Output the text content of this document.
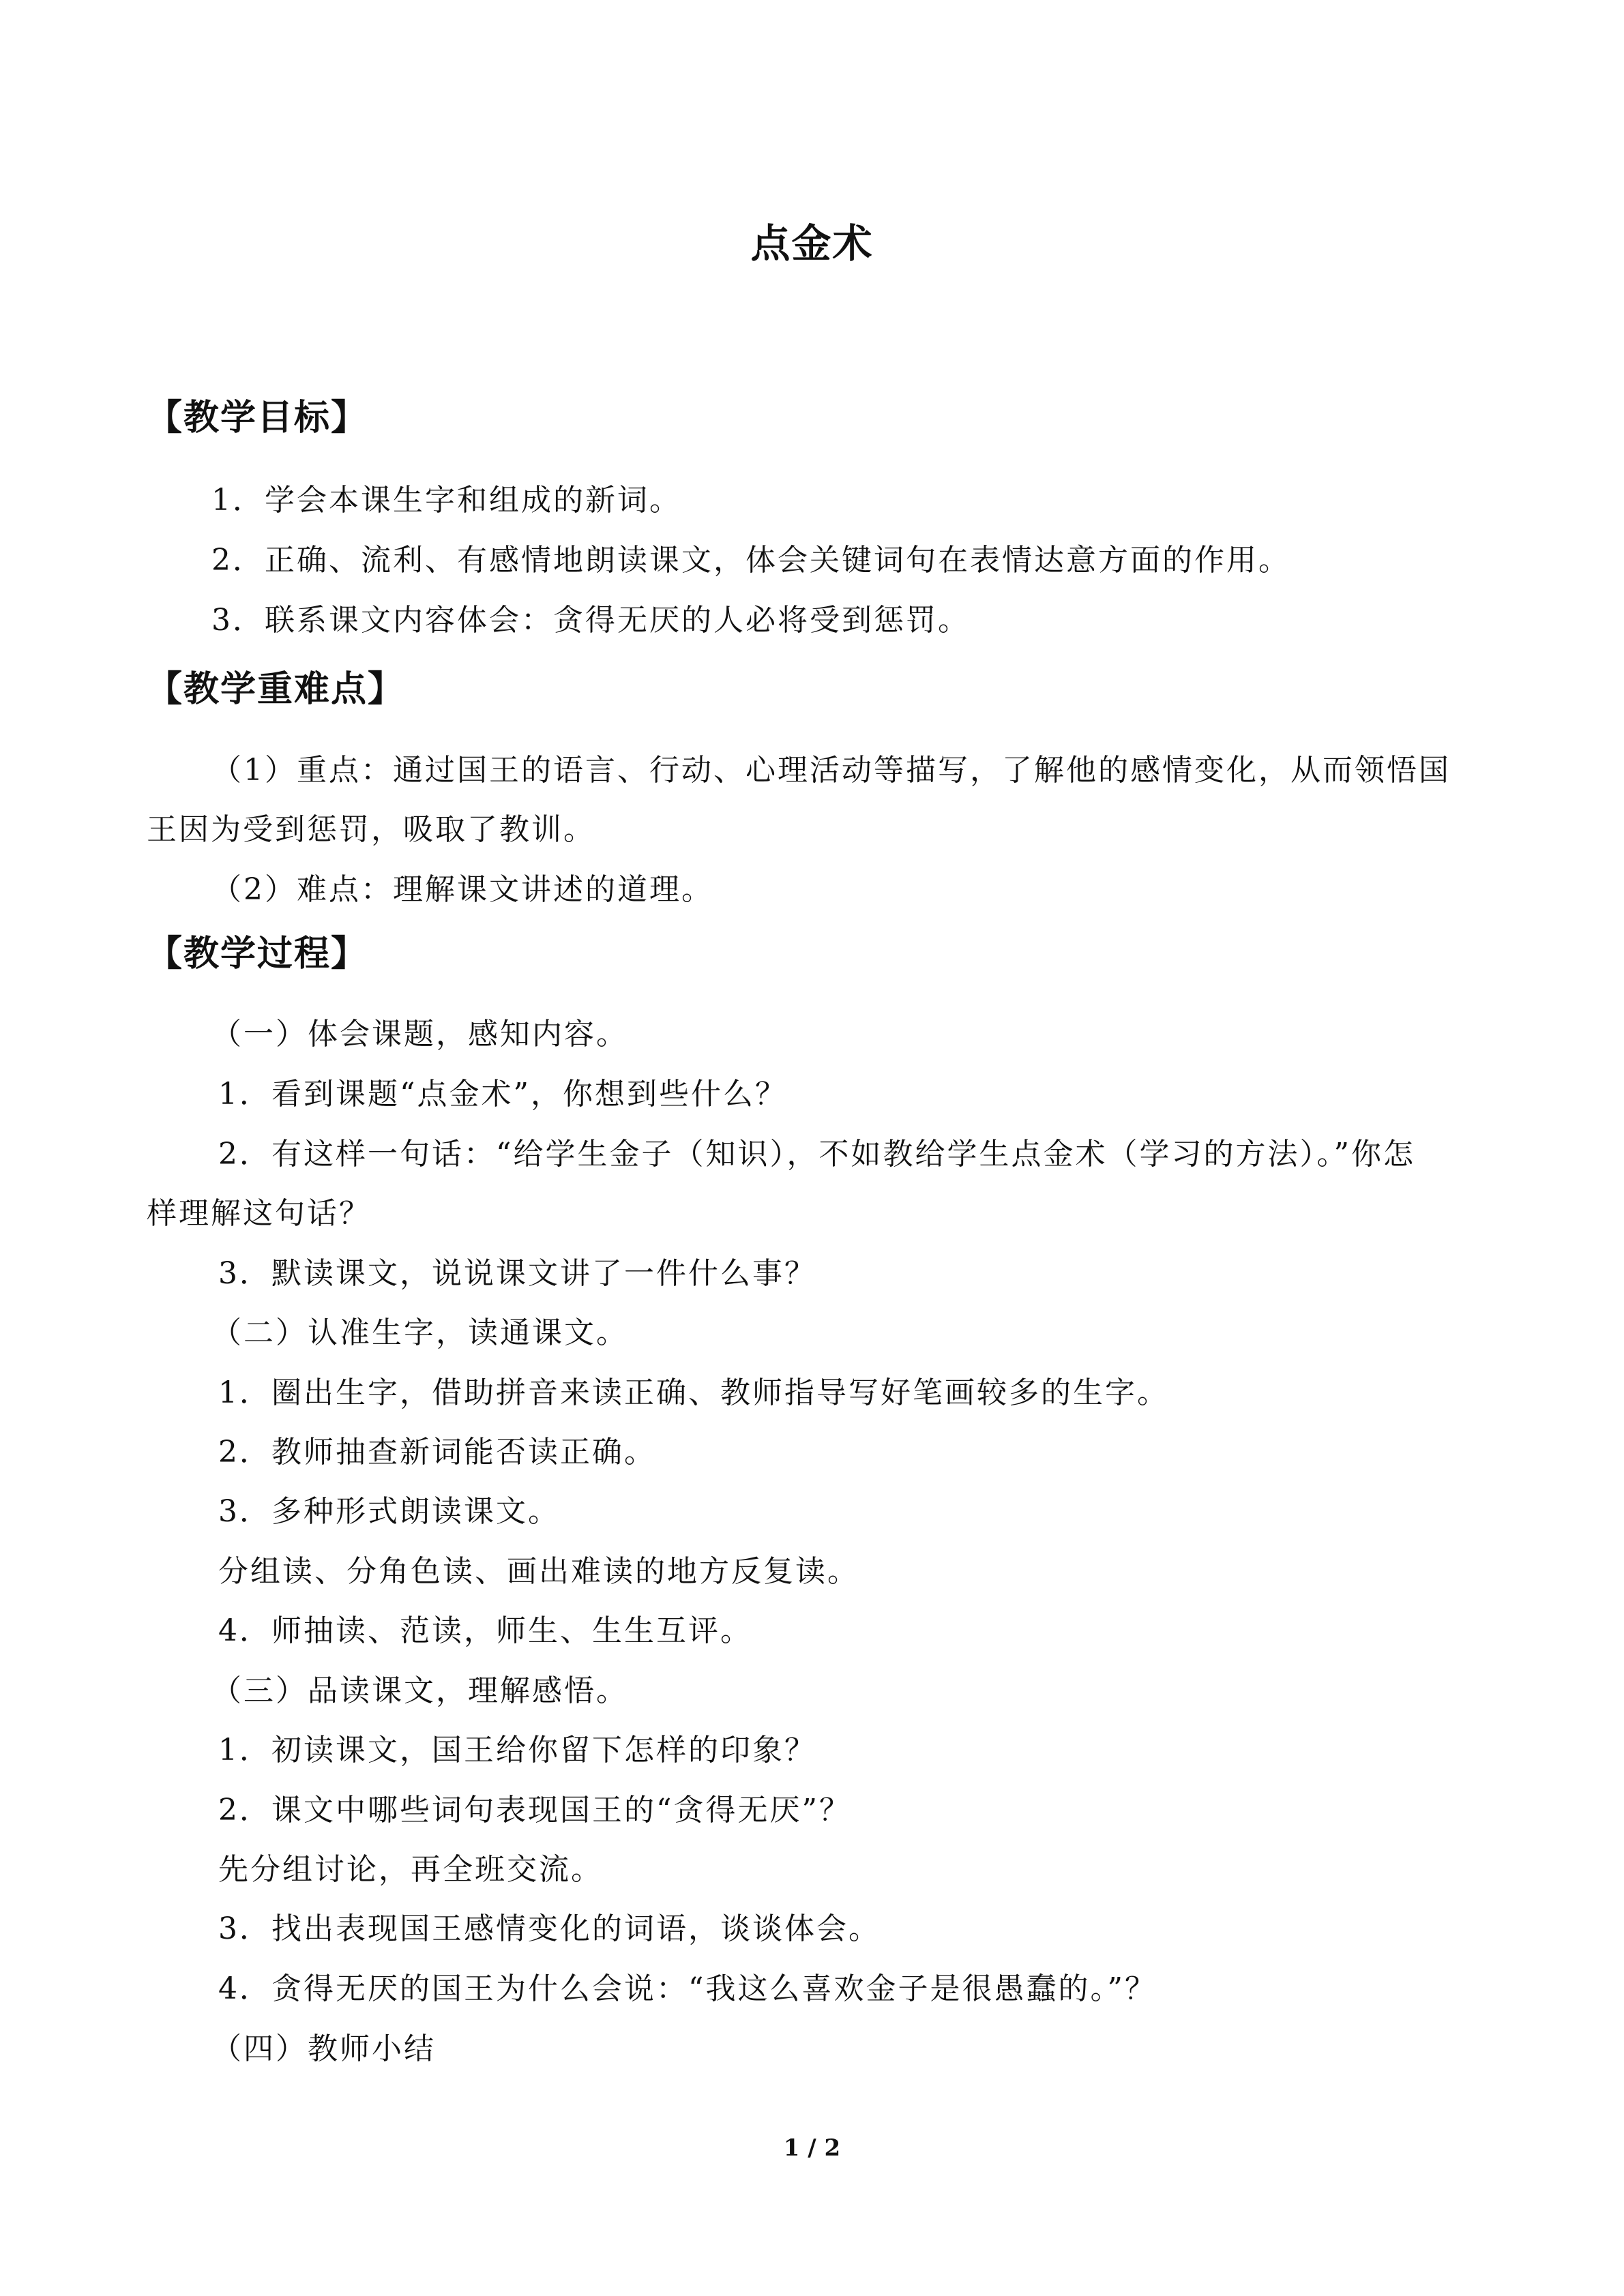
点金术
【教学目标】
1．学会本课生字和组成的新词。
2．正确、流利、有感情地朗读课文，体会关键词句在表情达意方面的作用。
3．联系课文内容体会：贪得无厌的人必将受到惩罚。
【教学重难点】
（1）重点：通过国王的语言、行动、心理活动等描写，了解他的感情变化，从而领悟国
王因为受到惩罚，吸取了教训。
（2）难点：理解课文讲述的道理。
【教学过程】
（一）体会课题，感知内容。
1．看到课题“点金术”，你想到些什么？
2．有这样一句话：“给学生金子（知识），不如教给学生点金术（学习的方法）。”你怎
样理解这句话？
3．默读课文，说说课文讲了一件什么事？
（二）认准生字，读通课文。
1．圈出生字，借助拼音来读正确、教师指导写好笔画较多的生字。
2．教师抽查新词能否读正确。
3．多种形式朗读课文。
分组读、分角色读、画出难读的地方反复读。
4．师抽读、范读，师生、生生互评。
（三）品读课文，理解感悟。
1．初读课文，国王给你留下怎样的印象？
2．课文中哪些词句表现国王的“贪得无厌”？
先分组讨论，再全班交流。
3．找出表现国王感情变化的词语，谈谈体会。
4．贪得无厌的国王为什么会说：“我这么喜欢金子是很愚蠢的。”？
（四）教师小结
1 / 2
